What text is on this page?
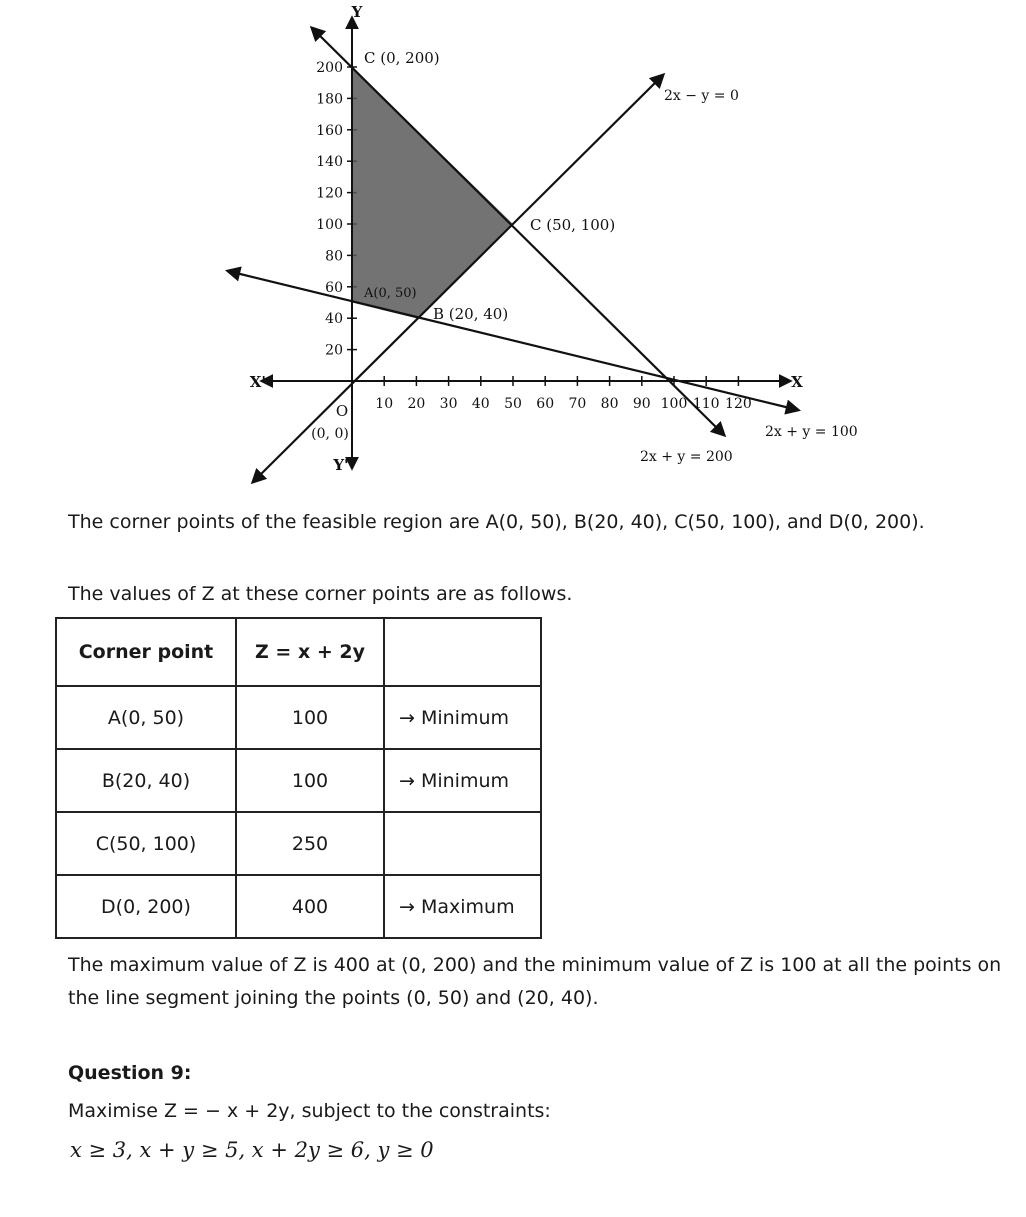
10 20 30 40 50 60 70 80 90 100 110 120
20
40
60
80
100
120
140
160
180
200
Y
X
X'
Y'
O
(0, 0)
C (0, 200)
C (50, 100)
B (20, 40)
A(0, 50)
2x − y = 0
2x + y = 100
2x + y = 200

The corner points of the feasible region are A(0, 50), B(20, 40), C(50, 100), and D(0, 200).

The values of Z at these corner points are as follows.

Corner point	Z = x + 2y	
A(0, 50)	100	→ Minimum
B(20, 40)	100	→ Minimum
C(50, 100)	250	
D(0, 200)	400	→ Maximum

The maximum value of Z is 400 at (0, 200) and the minimum value of Z is 100 at all the points on the line segment joining the points (0, 50) and (20, 40).

Question 9:

Maximise Z = − x + 2y, subject to the constraints:

x ≥ 3, x + y ≥ 5, x + 2y ≥ 6, y ≥ 0
